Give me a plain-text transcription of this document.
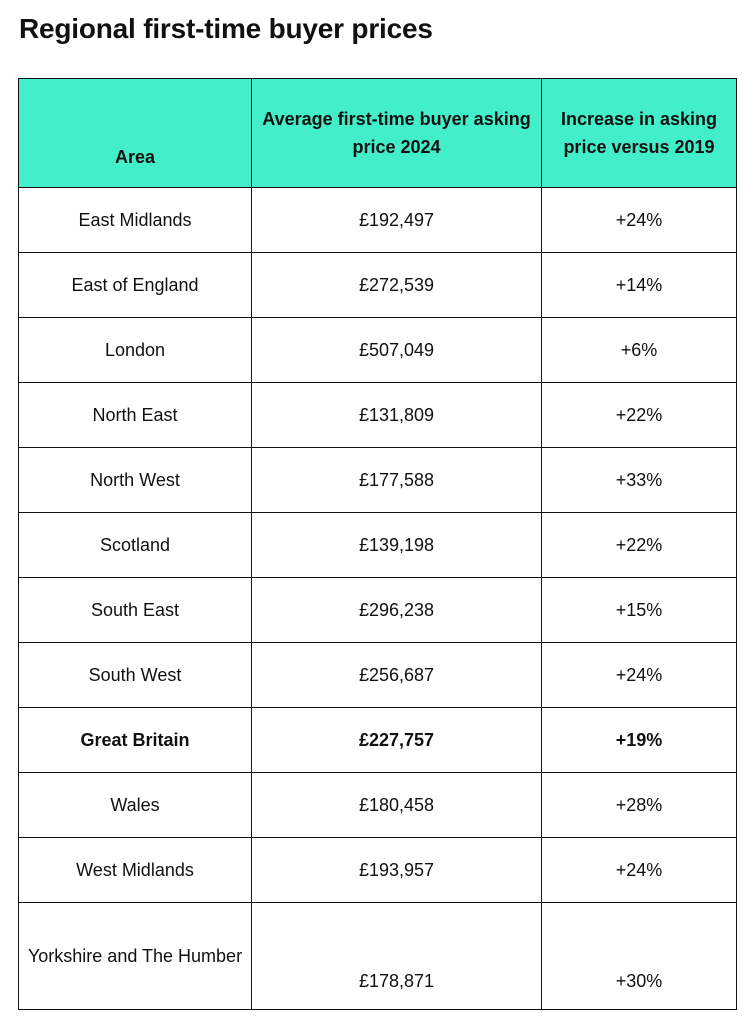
Regional first-time buyer prices
Area	Average first-time buyer asking price 2024	Increase in asking price versus 2019
East Midlands	£192,497	+24%
East of England	£272,539	+14%
London	£507,049	+6%
North East	£131,809	+22%
North West	£177,588	+33%
Scotland	£139,198	+22%
South East	£296,238	+15%
South West	£256,687	+24%
Great Britain	£227,757	+19%
Wales	£180,458	+28%
West Midlands	£193,957	+24%
Yorkshire and The Humber	£178,871	+30%
